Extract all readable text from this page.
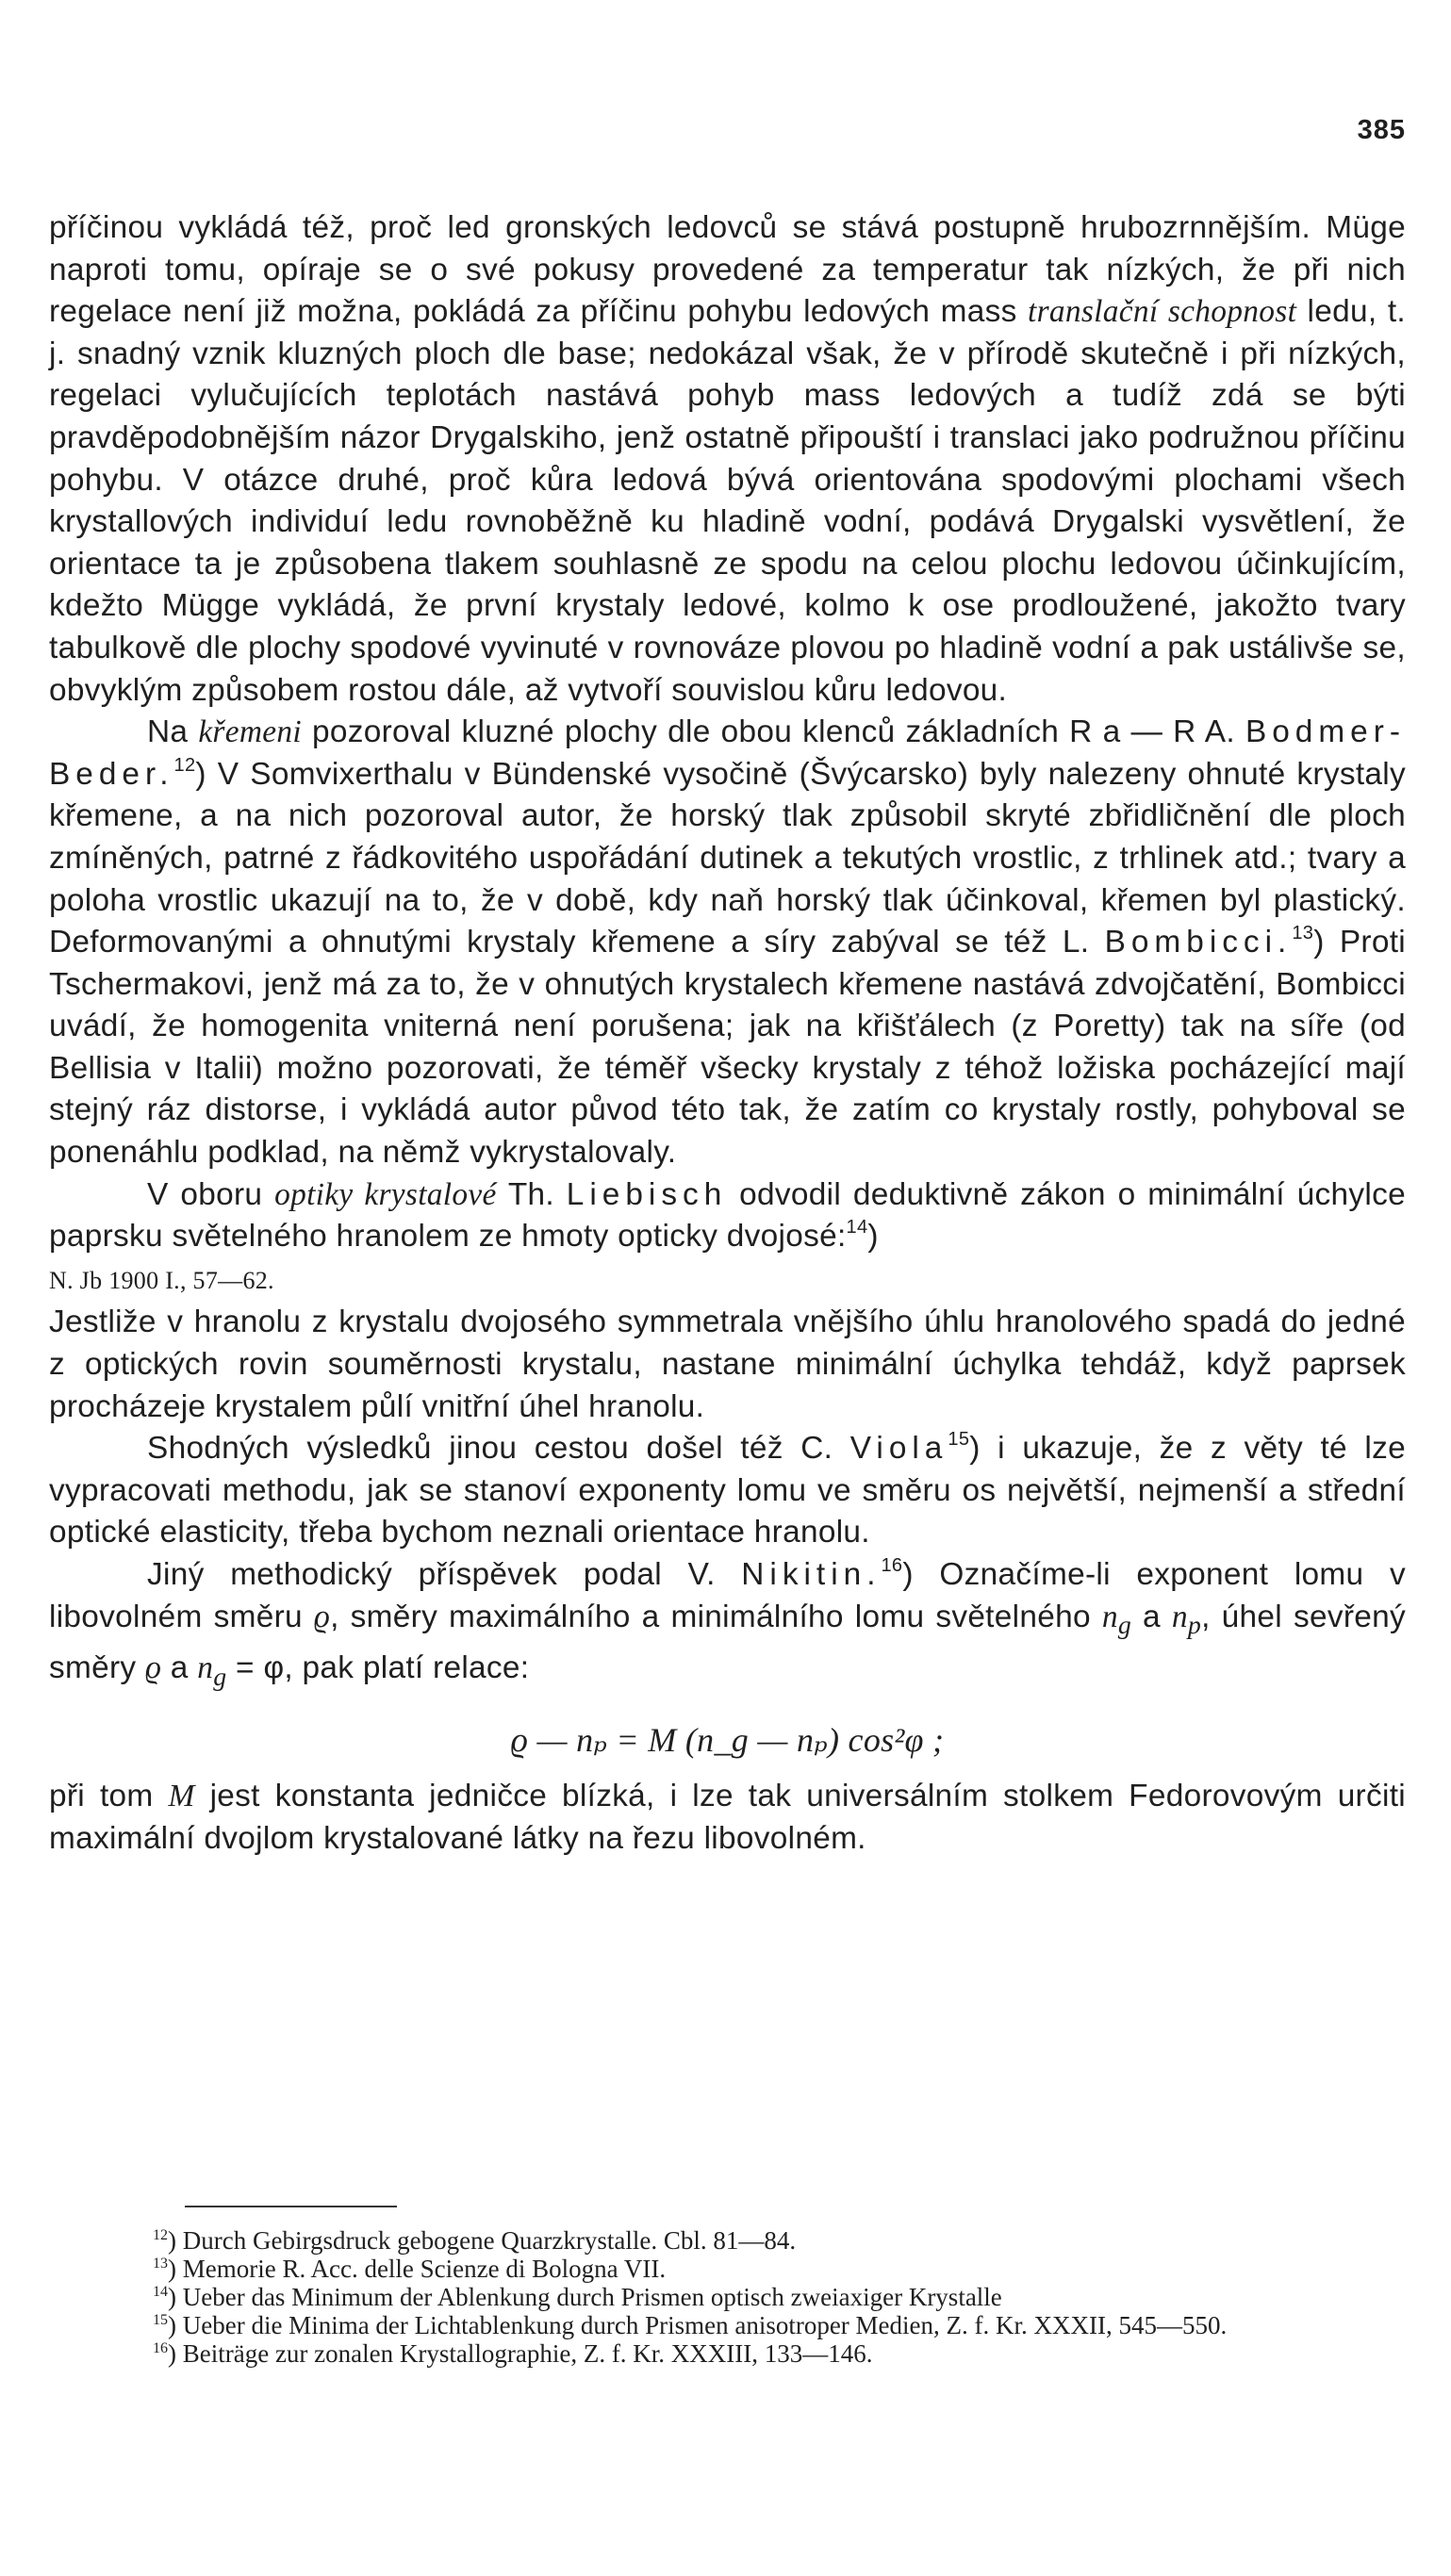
385

příčinou vykládá též, proč led gronských ledovců se stává postupně hrubozrnnějším. Müge naproti tomu, opíraje se o své pokusy provedené za temperatur tak nízkých, že při nich regelace není již možna, pokládá za příčinu pohybu ledových mass translační schopnost ledu, t. j. snadný vznik kluzných ploch dle base; nedokázal však, že v přírodě skutečně i při nízkých, regelaci vylučujících teplotách nastává pohyb mass ledových a tudíž zdá se býti pravděpodobnějším názor Drygalskiho, jenž ostatně připouští i translaci jako podružnou příčinu pohybu. V otázce druhé, proč kůra ledová bývá orientována spodovými plochami všech krystallových individuí ledu rovnoběžně ku hladině vodní, podává Drygalski vysvětlení, že orientace ta je způsobena tlakem souhlasně ze spodu na celou plochu ledovou účinkujícím, kdežto Mügge vykládá, že první krystaly ledové, kolmo k ose prodloužené, jakožto tvary tabulkově dle plochy spodové vyvinuté v rovnováze plovou po hladině vodní a pak ustálivše se, obvyklým způsobem rostou dále, až vytvoří souvislou kůru ledovou.

Na křemeni pozoroval kluzné plochy dle obou klenců základních R a — R A. Bodmer-Beder.$^{12}$) V Somvixerthalu v Bündenské vysočině (Švýcarsko) byly nalezeny ohnuté krystaly křemene, a na nich pozoroval autor, že horský tlak způsobil skryté zbřidličnění dle ploch zmíněných, patrné z řádkovitého uspořádání dutinek a tekutých vrostlic, z trhlinek atd.; tvary a poloha vrostlic ukazují na to, že v době, kdy naň horský tlak účinkoval, křemen byl plastický. Deformovanými a ohnutými krystaly křemene a síry zabýval se též L. Bombicci.$^{13}$) Proti Tschermakovi, jenž má za to, že v ohnutých krystalech křemene nastává zdvojčatění, Bombicci uvádí, že homogenita vniterná není porušena; jak na křišťálech (z Poretty) tak na síře (od Bellisia v Italii) možno pozorovati, že téměř všecky krystaly z téhož ložiska pocházející mají stejný ráz distorse, i vykládá autor původ této tak, že zatím co krystaly rostly, pohyboval se ponenáhlu podklad, na němž vykrystalovaly.

V oboru optiky krystalové Th. Liebisch odvodil deduktivně zákon o minimální úchylce paprsku světelného hranolem ze hmoty opticky dvojosé:$^{14}$)
N. Jb 1900 I., 57—62.

Jestliže v hranolu z krystalu dvojosého symmetrala vnějšího úhlu hranolového spadá do jedné z optických rovin souměrnosti krystalu, nastane minimální úchylka tehdáž, když paprsek procházeje krystalem půlí vnitřní úhel hranolu.

Shodných výsledků jinou cestou došel též C. Viola$^{15}$) i ukazuje, že z věty té lze vypracovati methodu, jak se stanoví exponenty lomu ve směru os největší, nejmenší a střední optické elasticity, třeba bychom neznali orientace hranolu.

Jiný methodický příspěvek podal V. Nikitin.$^{16}$) Označíme-li exponent lomu v libovolném směru ϱ, směry maximálního a minimálního lomu světelného $n_g$ a $n_p$, úhel sevřený směry ϱ a $n_g = \varphi$, pak platí relace:

ϱ — nₚ = M (n_g — nₚ) cos²φ ;

při tom M jest konstanta jedničce blízká, i lze tak universálním stolkem Fedorovovým určiti maximální dvojlom krystalované látky na řezu libovolném.

$^{12}$) Durch Gebirgsdruck gebogene Quarzkrystalle. Cbl. 81—84.

$^{13}$) Memorie R. Acc. delle Scienze di Bologna VII.

$^{14}$) Ueber das Minimum der Ablenkung durch Prismen optisch zweiaxiger Krystalle

$^{15}$) Ueber die Minima der Lichtablenkung durch Prismen anisotroper Medien, Z. f. Kr. XXXII, 545—550.

$^{16}$) Beiträge zur zonalen Krystallographie, Z. f. Kr. XXXIII, 133—146.
